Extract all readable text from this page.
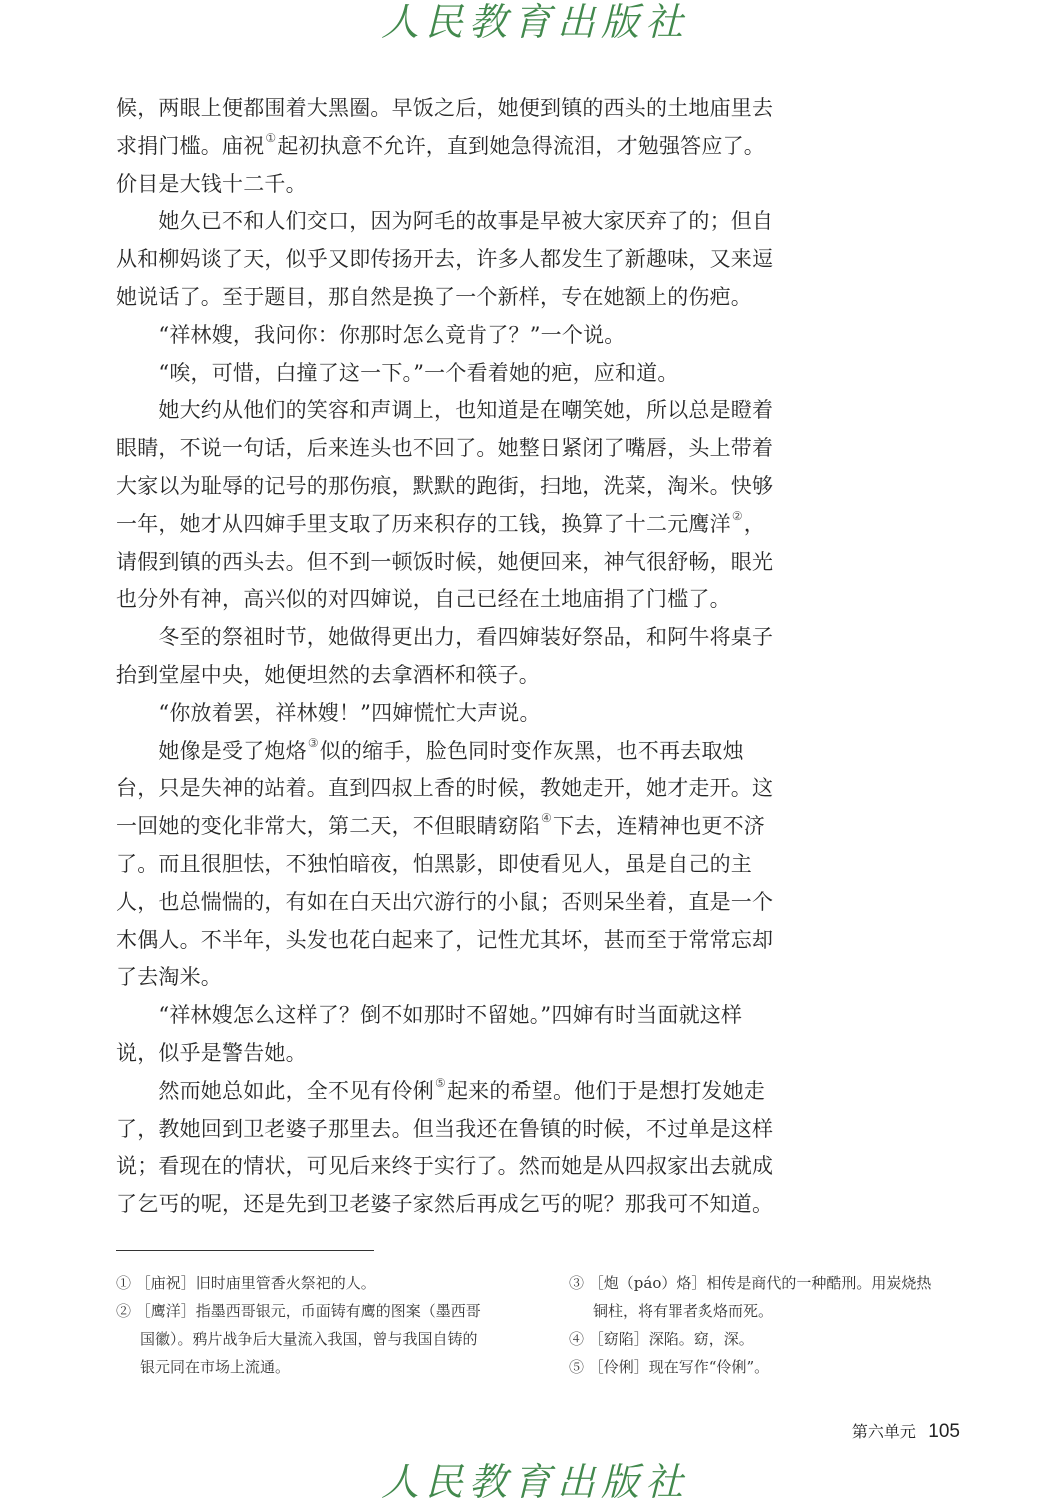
人民教育出版社
候，两眼上便都围着大黑圈。早饭之后，她便到镇的西头的土地庙里去
求捐门槛。庙祝①起初执意不允许，直到她急得流泪，才勉强答应了。
价目是大钱十二千。
　　她久已不和人们交口，因为阿毛的故事是早被大家厌弃了的；但自
从和柳妈谈了天，似乎又即传扬开去，许多人都发生了新趣味，又来逗
她说话了。至于题目，那自然是换了一个新样，专在她额上的伤疤。
　　“祥林嫂，我问你：你那时怎么竟肯了？”一个说。
　　“唉，可惜，白撞了这一下。”一个看着她的疤，应和道。
　　她大约从他们的笑容和声调上，也知道是在嘲笑她，所以总是瞪着
眼睛，不说一句话，后来连头也不回了。她整日紧闭了嘴唇，头上带着
大家以为耻辱的记号的那伤痕，默默的跑街，扫地，洗菜，淘米。快够
一年，她才从四婶手里支取了历来积存的工钱，换算了十二元鹰洋②，
请假到镇的西头去。但不到一顿饭时候，她便回来，神气很舒畅，眼光
也分外有神，高兴似的对四婶说，自己已经在土地庙捐了门槛了。
　　冬至的祭祖时节，她做得更出力，看四婶装好祭品，和阿牛将桌子
抬到堂屋中央，她便坦然的去拿酒杯和筷子。
　　“你放着罢，祥林嫂！”四婶慌忙大声说。
　　她像是受了炮烙③似的缩手，脸色同时变作灰黑，也不再去取烛
台，只是失神的站着。直到四叔上香的时候，教她走开，她才走开。这
一回她的变化非常大，第二天，不但眼睛窈陷④下去，连精神也更不济
了。而且很胆怯，不独怕暗夜，怕黑影，即使看见人，虽是自己的主
人，也总惴惴的，有如在白天出穴游行的小鼠；否则呆坐着，直是一个
木偶人。不半年，头发也花白起来了，记性尤其坏，甚而至于常常忘却
了去淘米。
　　“祥林嫂怎么这样了？倒不如那时不留她。”四婶有时当面就这样
说，似乎是警告她。
　　然而她总如此，全不见有伶俐⑤起来的希望。他们于是想打发她走
了，教她回到卫老婆子那里去。但当我还在鲁镇的时候，不过单是这样
说；看现在的情状，可见后来终于实行了。然而她是从四叔家出去就成
了乞丐的呢，还是先到卫老婆子家然后再成乞丐的呢？那我可不知道。
① ［庙祝］旧时庙里管香火祭祀的人。
② ［鹰洋］指墨西哥银元，币面铸有鹰的图案（墨西哥
国徽）。鸦片战争后大量流入我国，曾与我国自铸的
银元同在市场上流通。
③ ［炮（páo）烙］相传是商代的一种酷刑。用炭烧热
铜柱，将有罪者炙烙而死。
④ ［窈陷］深陷。窈，深。
⑤ ［伶俐］现在写作“伶俐”。
第六单元 105
人民教育出版社
